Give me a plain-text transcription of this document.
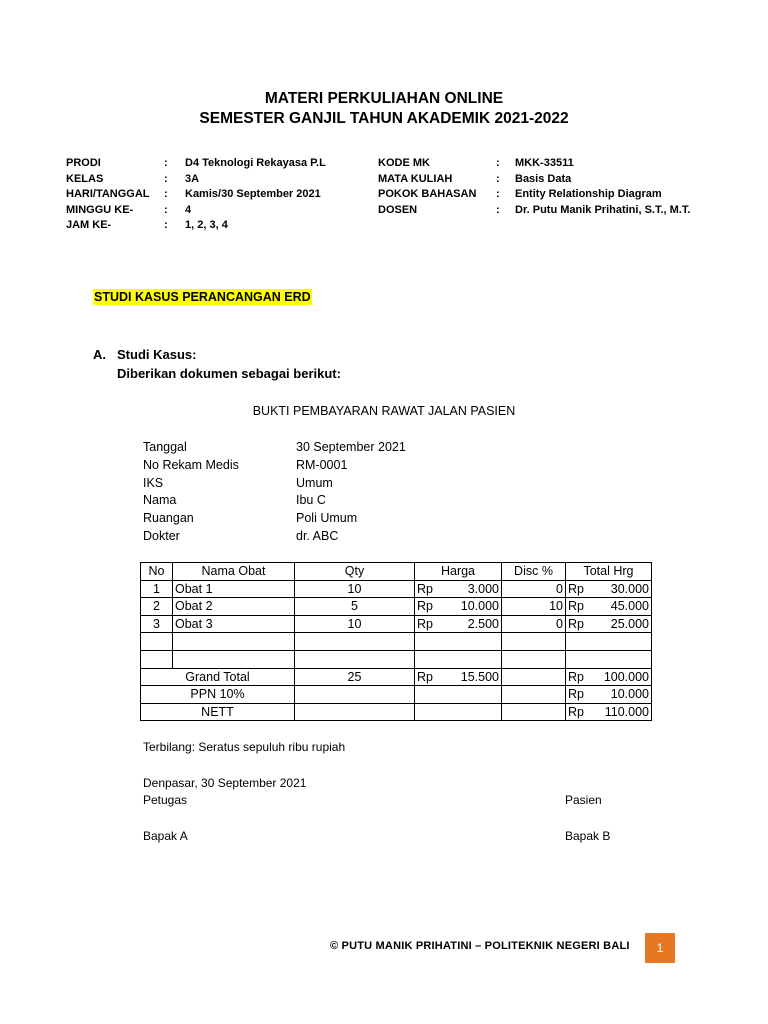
MATERI PERKULIAHAN ONLINE
SEMESTER GANJIL TAHUN AKADEMIK 2021-2022
PRODI	:	D4 Teknologi Rekayasa P.L
KELAS	:	3A
HARI/TANGGAL	:	Kamis/30 September 2021
MINGGU KE-	:	4
JAM KE-	:	1, 2, 3, 4
KODE MK	:	MKK-33511
MATA KULIAH	:	Basis Data
POKOK BAHASAN	:	Entity Relationship Diagram
DOSEN	:	Dr. Putu Manik Prihatini, S.T., M.T.
STUDI KASUS PERANCANGAN ERD
A. Studi Kasus:
Diberikan dokumen sebagai berikut:
BUKTI PEMBAYARAN RAWAT JALAN PASIEN
Tanggal	30 September 2021
No Rekam Medis	RM-0001
IKS	Umum
Nama	Ibu C
Ruangan	Poli Umum
Dokter	dr. ABC
No	Nama Obat	Qty	Harga	Disc %	Total Hrg
1	Obat 1	10	Rp 3.000	0	Rp 30.000

2	Obat 2	5	Rp 10.000	10	Rp 45.000

3	Obat 3	10	Rp 2.500	0	Rp 25.000

Grand Total		25	Rp 15.500		Rp 100.000

PPN 10%					Rp 10.000

NETT					Rp 110.000
Terbilang: Seratus sepuluh ribu rupiah
Denpasar, 30 September 2021
Petugas	Pasien
Bapak A	Bapak B
© PUTU MANIK PRIHATINI – POLITEKNIK NEGERI BALI	1
